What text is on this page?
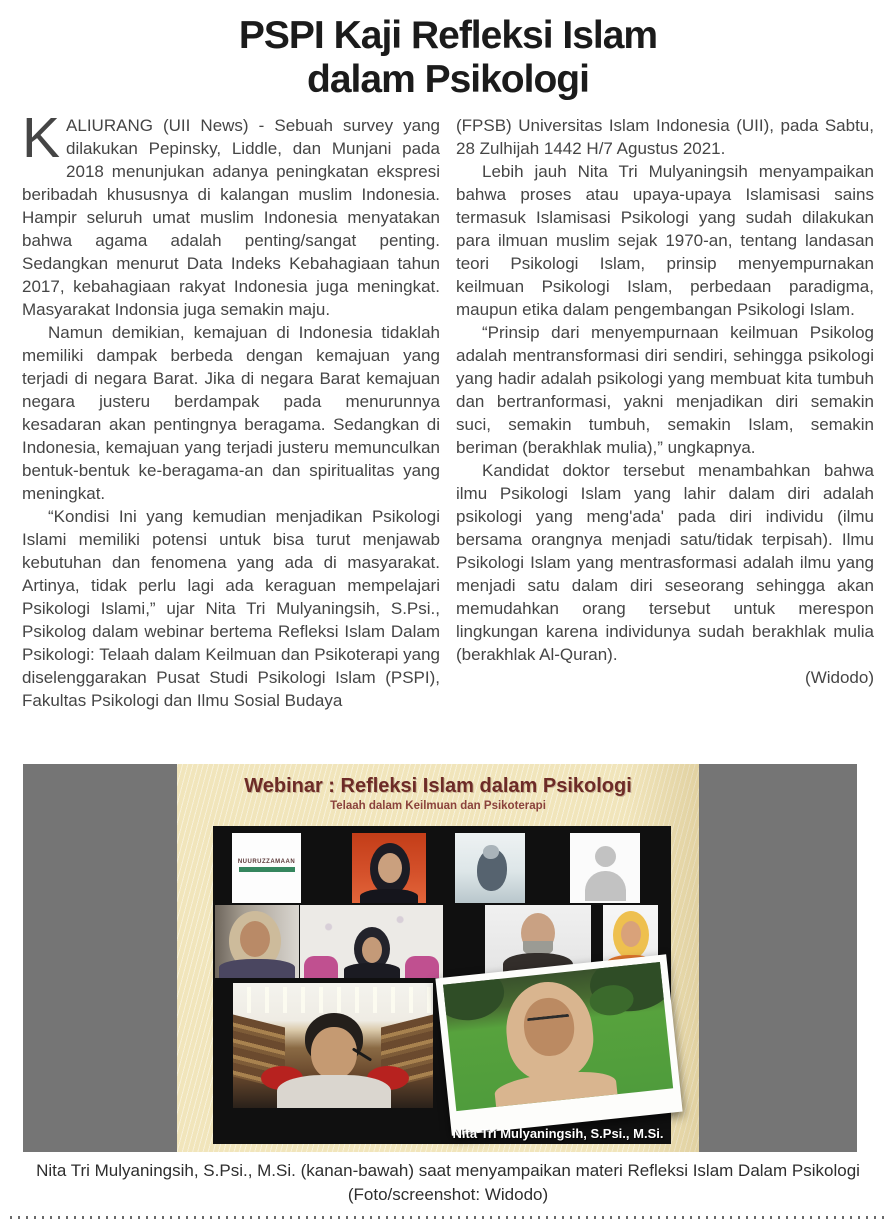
PSPI Kaji Refleksi Islam
dalam Psikologi

KALIURANG (UII News) - Sebuah survey yang dilakukan Pepinsky, Liddle, dan Munjani pada 2018 menunjukan adanya peningkatan ekspresi beribadah khususnya di kalangan muslim Indonesia. Hampir seluruh umat muslim Indonesia menyatakan bahwa agama adalah penting/sangat penting. Sedangkan menurut Data Indeks Kebahagiaan tahun 2017, kebahagiaan rakyat Indonesia juga meningkat. Masyarakat Indonsia juga semakin maju.

Namun demikian, kemajuan di Indonesia tidaklah memiliki dampak berbeda dengan kemajuan yang terjadi di negara Barat. Jika di negara Barat kemajuan negara justeru berdampak pada menurunnya kesadaran akan pentingnya beragama. Sedangkan di Indonesia, kemajuan yang terjadi justeru memunculkan bentuk-bentuk ke-beragama-an dan spiritualitas yang meningkat.

“Kondisi Ini yang kemudian menjadikan Psikologi Islami memiliki potensi untuk bisa turut menjawab kebutuhan dan fenomena yang ada di masyarakat. Artinya, tidak perlu lagi ada keraguan mempelajari Psikologi Islami,” ujar Nita Tri Mulyaningsih, S.Psi., Psikolog dalam webinar bertema Refleksi Islam Dalam Psikologi: Telaah dalam Keilmuan dan Psikoterapi yang diselenggarakan Pusat Studi Psikologi Islam (PSPI), Fakultas Psikologi dan Ilmu Sosial Budaya

(FPSB) Universitas Islam Indonesia (UII), pada Sabtu, 28 Zulhijah 1442 H/7 Agustus 2021.

Lebih jauh Nita Tri Mulyaningsih menyampaikan bahwa proses atau upaya-upaya Islamisasi sains termasuk Islamisasi Psikologi yang sudah dilakukan para ilmuan muslim sejak 1970-an, tentang landasan teori Psikologi Islam, prinsip menyempurnakan keilmuan Psikologi Islam, perbedaan paradigma, maupun etika dalam pengembangan Psikologi Islam.

“Prinsip dari menyempurnaan keilmuan Psikolog adalah mentransformasi diri sendiri, sehingga psikologi yang hadir adalah psikologi yang membuat kita tumbuh dan bertranformasi, yakni menjadikan diri semakin suci, semakin tumbuh, semakin Islam, semakin beriman (berakhlak mulia),” ungkapnya.

Kandidat doktor tersebut menambahkan bahwa ilmu Psikologi Islam yang lahir dalam diri adalah psikologi yang meng'ada' pada diri individu (ilmu bersama orangnya menjadi satu/tidak terpisah). Ilmu Psikologi Islam yang mentrasformasi adalah ilmu yang menjadi satu dalam diri seseorang sehingga akan memudahkan orang tersebut untuk merespon lingkungan karena individunya sudah berakhlak mulia (berakhlak Al-Quran).

(Widodo)

Webinar : Refleksi Islam dalam Psikologi
Telaah dalam Keilmuan dan Psikoterapi
NUURUZZAMAAN
Nita Tri Mulyaningsih, S.Psi., M.Si.
Nita Tri Mulyaningsih, S.Psi., M.Si. (kanan-bawah) saat menyampaikan materi Refleksi Islam Dalam Psikologi
(Foto/screenshot: Widodo)
